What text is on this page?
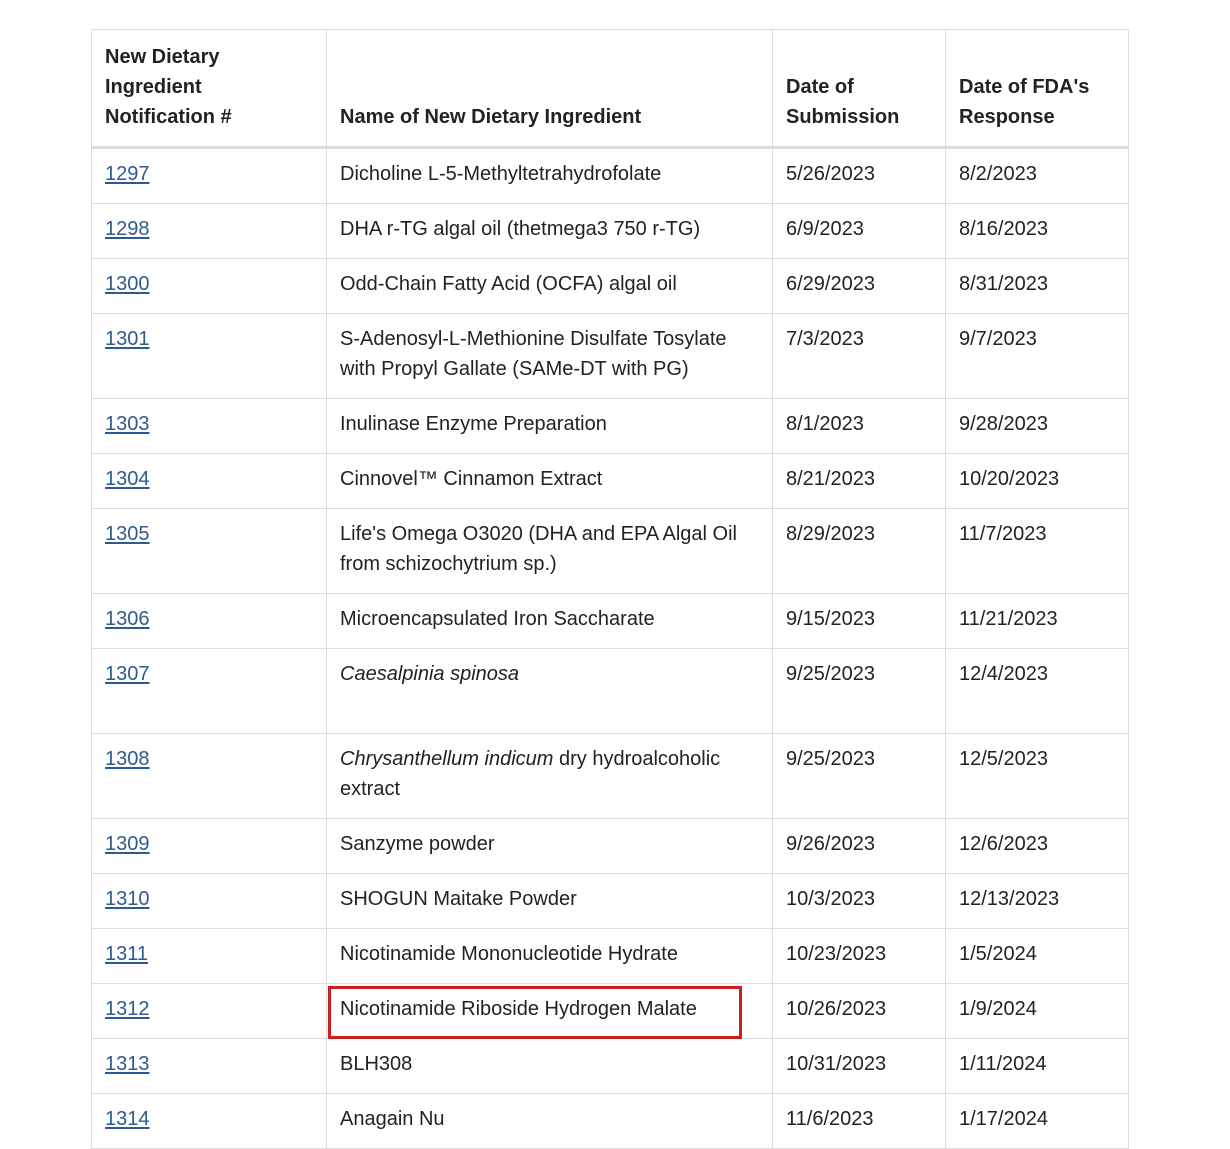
New Dietary Ingredient Notification #	Name of New Dietary Ingredient	Date of Submission	Date of FDA's Response
1297	Dicholine L-5-Methyltetrahydrofolate	5/26/2023	8/2/2023
1298	DHA r-TG algal oil (thetmega3 750 r-TG)	6/9/2023	8/16/2023
1300	Odd-Chain Fatty Acid (OCFA) algal oil	6/29/2023	8/31/2023
1301	S-Adenosyl-L-Methionine Disulfate Tosylate with Propyl Gallate (SAMe-DT with PG)	7/3/2023	9/7/2023
1303	Inulinase Enzyme Preparation	8/1/2023	9/28/2023
1304	Cinnovel™ Cinnamon Extract	8/21/2023	10/20/2023
1305	Life's Omega O3020 (DHA and EPA Algal Oil from schizochytrium sp.)	8/29/2023	11/7/2023
1306	Microencapsulated Iron Saccharate	9/15/2023	11/21/2023
1307	Caesalpinia spinosa	9/25/2023	12/4/2023
1308	Chrysanthellum indicum dry hydroalcoholic extract	9/25/2023	12/5/2023
1309	Sanzyme powder	9/26/2023	12/6/2023
1310	SHOGUN Maitake Powder	10/3/2023	12/13/2023
1311	Nicotinamide Mononucleotide Hydrate	10/23/2023	1/5/2024
1312	Nicotinamide Riboside Hydrogen Malate	10/26/2023	1/9/2024
1313	BLH308	10/31/2023	1/11/2024
1314	Anagain Nu	11/6/2023	1/17/2024
